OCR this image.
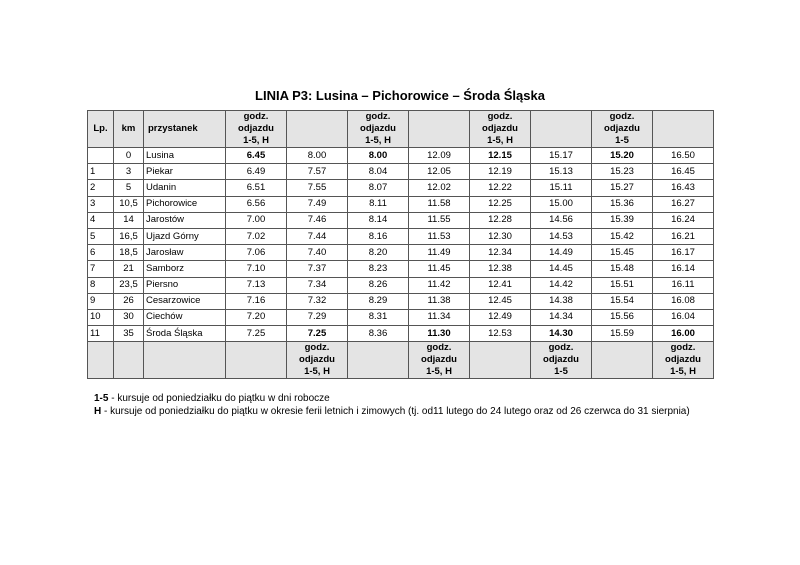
LINIA P3: Lusina – Pichorowice – Środa Śląska
Lp.	km	przystanek	godz.
odjazdu
1-5, H		godz.
odjazdu
1-5, H		godz.
odjazdu
1-5, H		godz.
odjazdu
1-5	
	0	Lusina	6.45	8.00	8.00	12.09	12.15	15.17	15.20	16.50
1	3	Piekar	6.49	7.57	8.04	12.05	12.19	15.13	15.23	16.45
2	5	Udanin	6.51	7.55	8.07	12.02	12.22	15.11	15.27	16.43
3	10,5	Pichorowice	6.56	7.49	8.11	11.58	12.25	15.00	15.36	16.27
4	14	Jarostów	7.00	7.46	8.14	11.55	12.28	14.56	15.39	16.24
5	16,5	Ujazd Górny	7.02	7.44	8.16	11.53	12.30	14.53	15.42	16.21
6	18,5	Jarosław	7.06	7.40	8.20	11.49	12.34	14.49	15.45	16.17
7	21	Samborz	7.10	7.37	8.23	11.45	12.38	14.45	15.48	16.14
8	23,5	Piersno	7.13	7.34	8.26	11.42	12.41	14.42	15.51	16.11
9	26	Cesarzowice	7.16	7.32	8.29	11.38	12.45	14.38	15.54	16.08
10	30	Ciechów	7.20	7.29	8.31	11.34	12.49	14.34	15.56	16.04
11	35	Środa Śląska	7.25	7.25	8.36	11.30	12.53	14.30	15.59	16.00
				godz.
odjazdu
1-5, H		godz.
odjazdu
1-5, H		godz.
odjazdu
1-5		godz.
odjazdu
1-5, H
1-5 - kursuje od poniedziałku do piątku w dni robocze
H - kursuje od poniedziałku do piątku w okresie ferii letnich i zimowych (tj. od11 lutego do 24 lutego oraz od 26 czerwca do 31 sierpnia)
